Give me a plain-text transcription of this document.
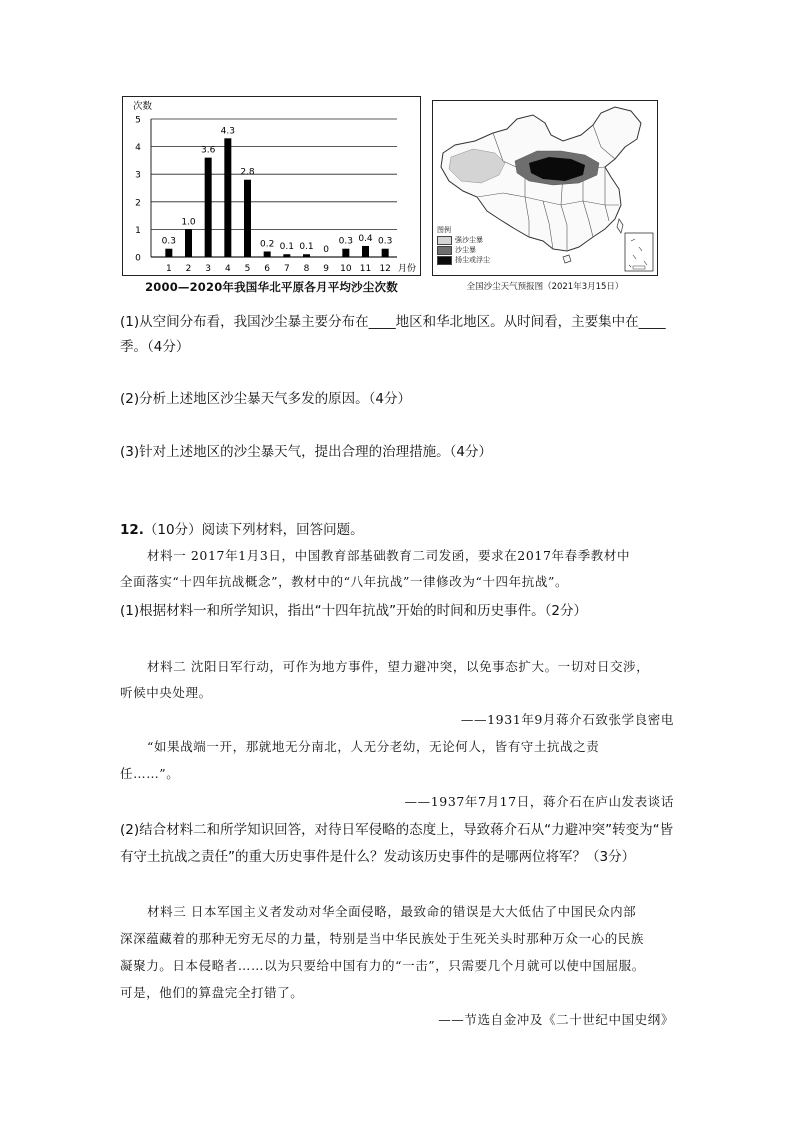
0
1
2
3
4
5
次数
0.3
1
1.0
2
3.6
3
4.3
4
2.8
5
0.2
6
0.1
7
0.1
8
0
9
0.3
10
0.4
11
0.3
12 月份
2000—2020年我国华北平原各月平均沙尘次数
图例
强沙尘暴
沙尘暴
扬尘或浮尘
全国沙尘天气预报图（2021年3月15日）
(1)从空间分布看，我国沙尘暴主要分布在____地区和华北地区。从时间看，主要集中在____
季。（4分）
(2)分析上述地区沙尘暴天气多发的原因。（4分）
(3)针对上述地区的沙尘暴天气，提出合理的治理措施。（4分）
12.（10分）阅读下列材料，回答问题。
材料一 2017年1月3日，中国教育部基础教育二司发函，要求在2017年春季教材中
全面落实“十四年抗战概念”，教材中的“八年抗战”一律修改为“十四年抗战”。
(1)根据材料一和所学知识，指出“十四年抗战”开始的时间和历史事件。（2分）
材料二 沈阳日军行动，可作为地方事件，望力避冲突，以免事态扩大。一切对日交涉，
听候中央处理。
——1931年9月蒋介石致张学良密电
“如果战端一开，那就地无分南北，人无分老幼，无论何人，皆有守土抗战之责
任……”。
——1937年7月17日，蒋介石在庐山发表谈话
(2)结合材料二和所学知识回答，对待日军侵略的态度上，导致蒋介石从“力避冲突”转变为“皆
有守土抗战之责任”的重大历史事件是什么？发动该历史事件的是哪两位将军？（3分）
材料三 日本军国主义者发动对华全面侵略，最致命的错误是大大低估了中国民众内部
深深蕴藏着的那种无穷无尽的力量，特别是当中华民族处于生死关头时那种万众一心的民族
凝聚力。日本侵略者……以为只要给中国有力的“一击”，只需要几个月就可以使中国屈服。
可是，他们的算盘完全打错了。
——节选自金冲及《二十世纪中国史纲》
